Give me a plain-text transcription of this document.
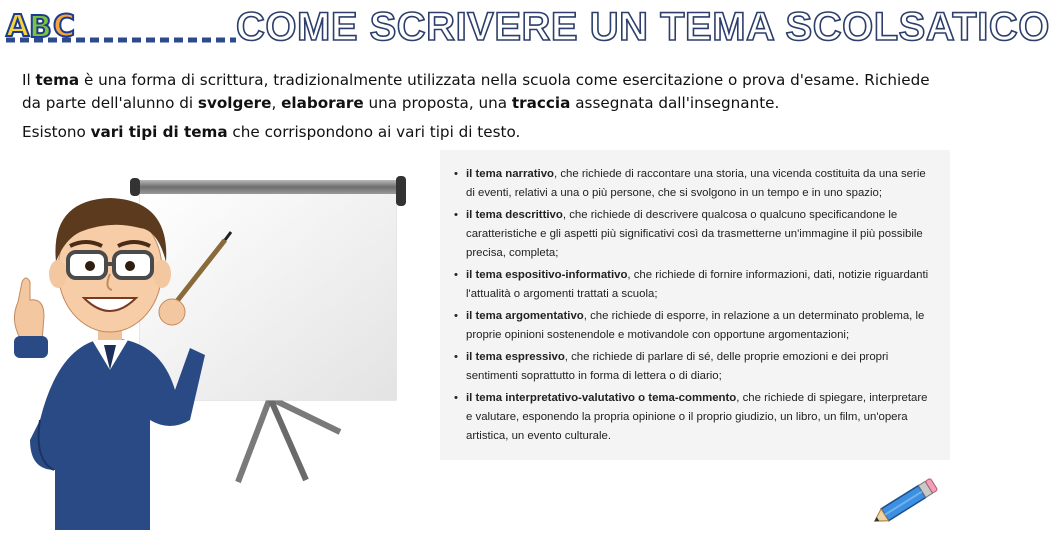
A B C	COME SCRIVERE UN TEMA SCOLSATICO

Il tema è una forma di scrittura, tradizionalmente utilizzata nella scuola come esercitazione o prova d'esame. Richiede da parte dell'alunno di svolgere, elaborare una proposta, una traccia assegnata dall'insegnante.

Esistono vari tipi di tema che corrispondono ai vari tipi di testo.

• il tema narrativo, che richiede di raccontare una storia, una vicenda costituita da una serie di eventi, relativi a una o più persone, che si svolgono in un tempo e in uno spazio;
• il tema descrittivo, che richiede di descrivere qualcosa o qualcuno specificandone le caratteristiche e gli aspetti più significativi così da trasmetterne un'immagine il più possibile precisa, completa;
• il tema espositivo-informativo, che richiede di fornire informazioni, dati, notizie riguardanti l'attualità o argomenti trattati a scuola;
• il tema argomentativo, che richiede di esporre, in relazione a un determinato problema, le proprie opinioni sostenendole e motivandole con opportune argomentazioni;
• il tema espressivo, che richiede di parlare di sé, delle proprie emozioni e dei propri sentimenti soprattutto in forma di lettera o di diario;
• il tema interpretativo-valutativo o tema-commento, che richiede di spiegare, interpretare e valutare, esponendo la propria opinione o il proprio giudizio, un libro, un film, un'opera artistica, un evento culturale.
